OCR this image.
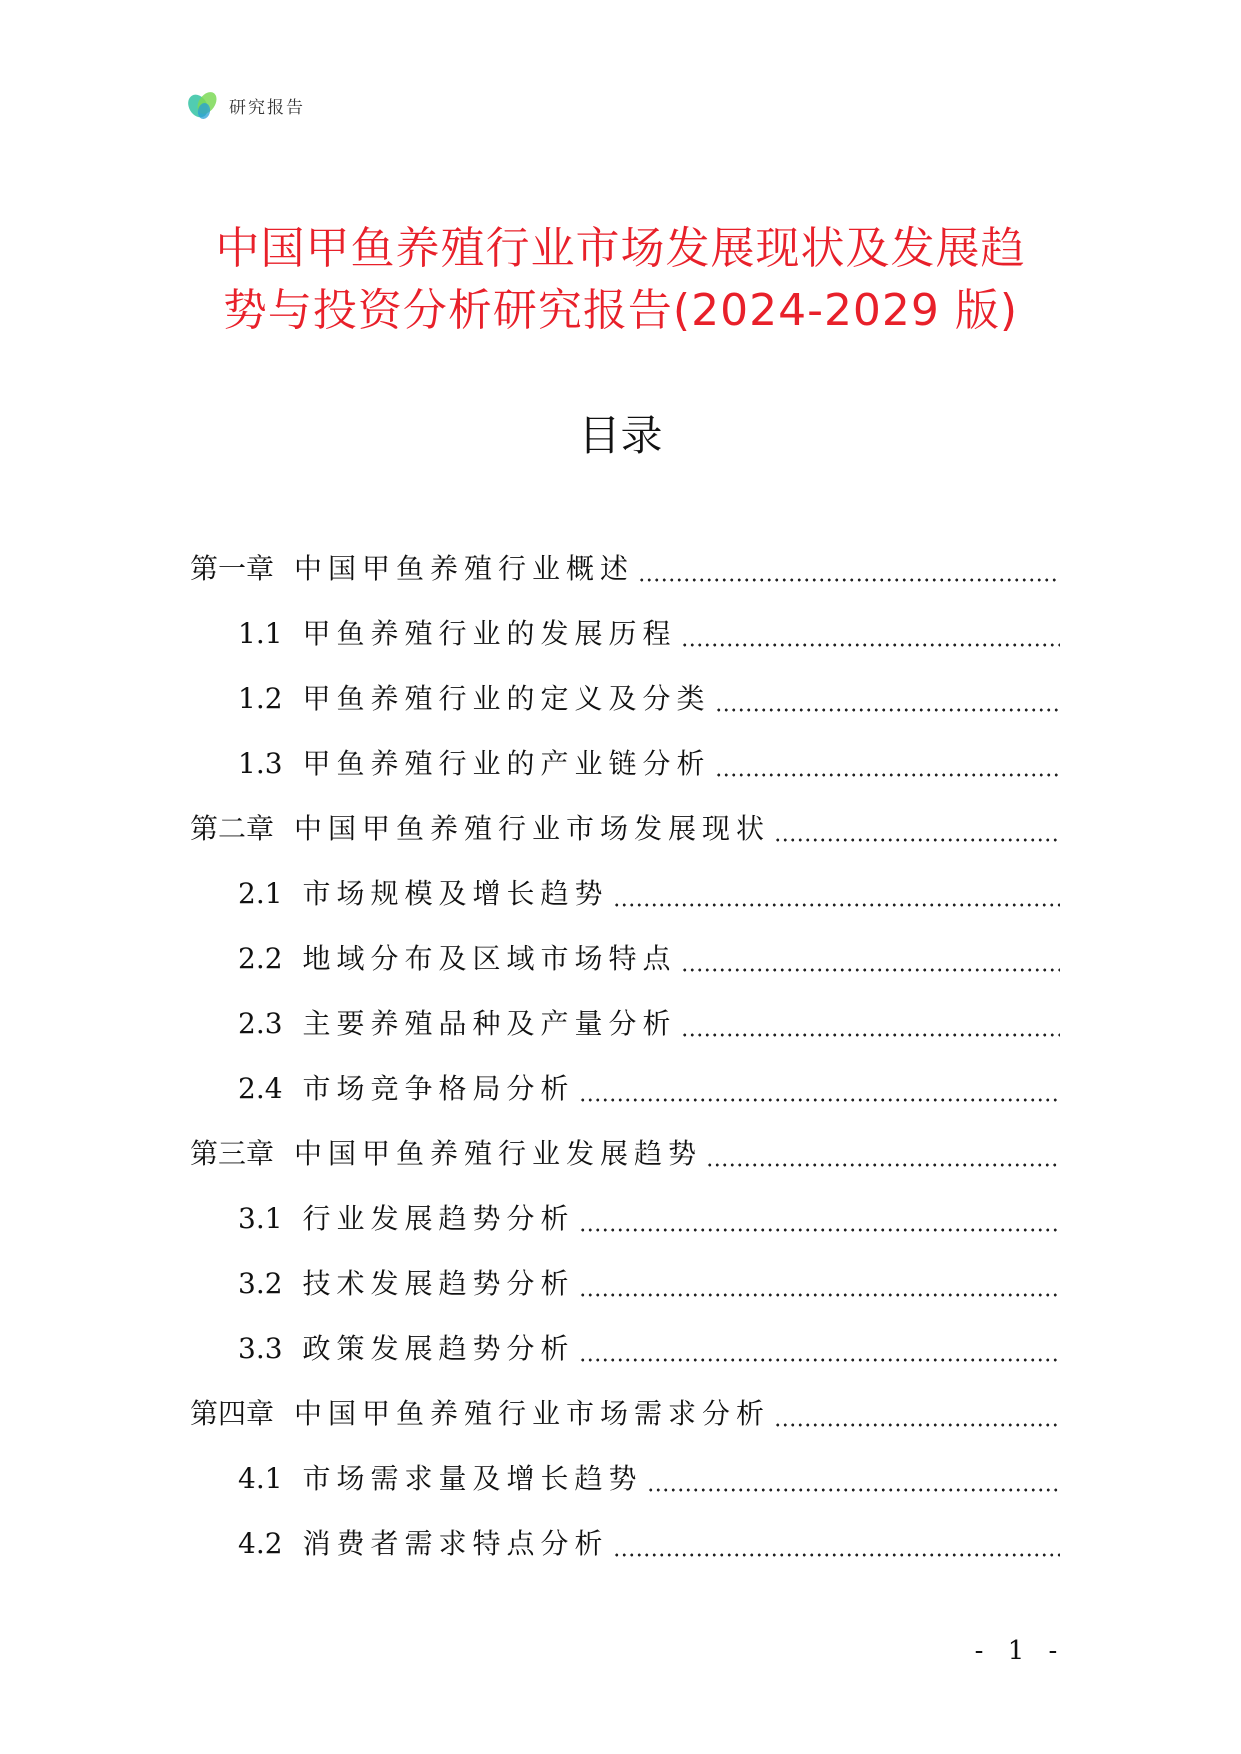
研究报告
中国甲鱼养殖行业市场发展现状及发展趋
势与投资分析研究报告(2024-2029 版)
目录
第一章 中国甲鱼养殖行业概述
1.1 甲鱼养殖行业的发展历程
1.2 甲鱼养殖行业的定义及分类
1.3 甲鱼养殖行业的产业链分析
第二章 中国甲鱼养殖行业市场发展现状
2.1 市场规模及增长趋势
2.2 地域分布及区域市场特点
2.3 主要养殖品种及产量分析
2.4 市场竞争格局分析
第三章 中国甲鱼养殖行业发展趋势
3.1 行业发展趋势分析
3.2 技术发展趋势分析
3.3 政策发展趋势分析
第四章 中国甲鱼养殖行业市场需求分析
4.1 市场需求量及增长趋势
4.2 消费者需求特点分析
- 1 -
